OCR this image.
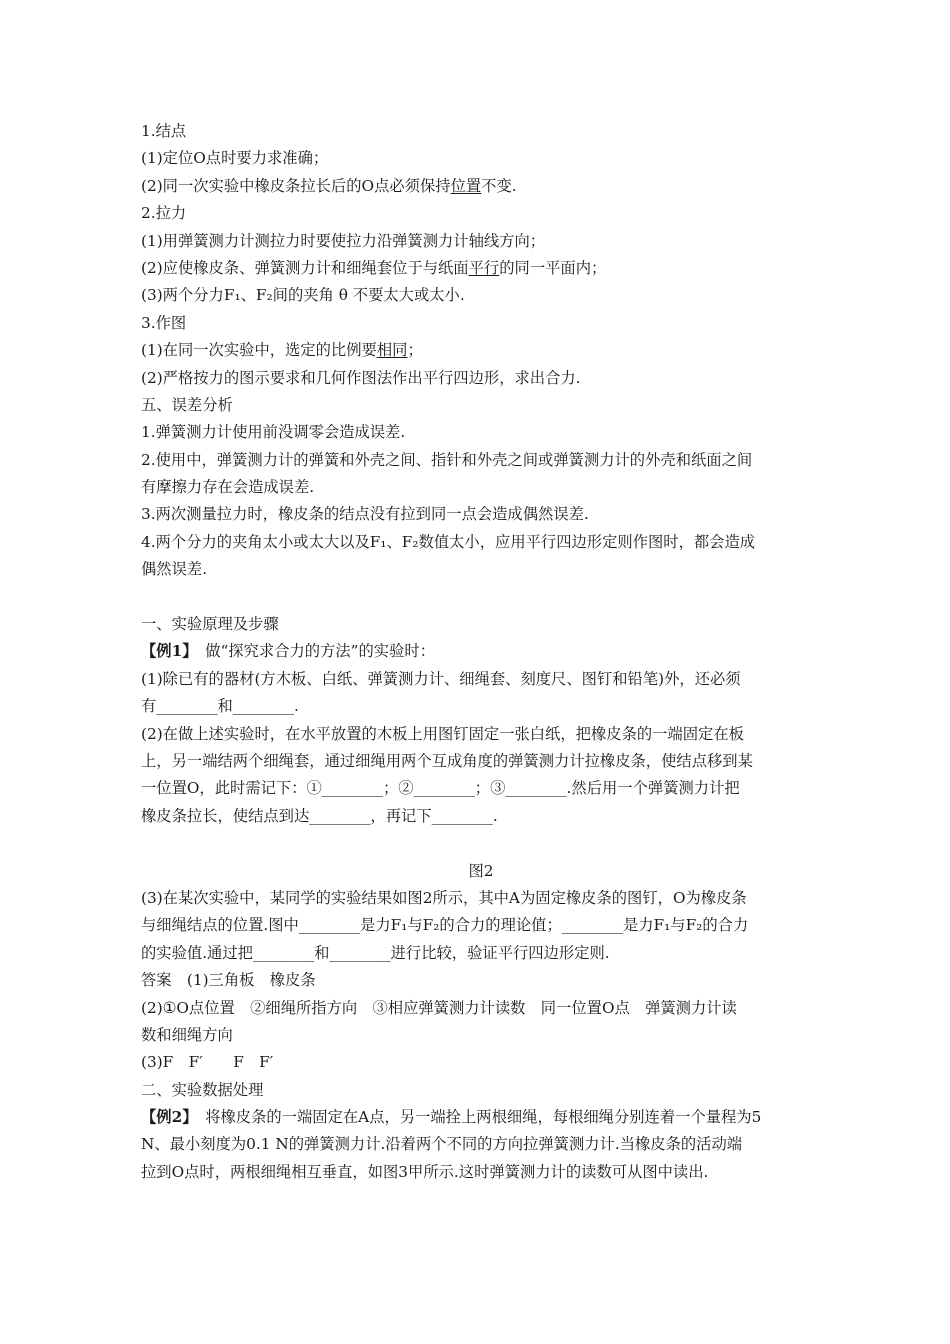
1.结点
(1)定位O点时要力求准确；
(2)同一次实验中橡皮条拉长后的O点必须保持位置不变.
2.拉力
(1)用弹簧测力计测拉力时要使拉力沿弹簧测力计轴线方向；
(2)应使橡皮条、弹簧测力计和细绳套位于与纸面平行的同一平面内；
(3)两个分力F₁、F₂间的夹角 θ 不要太大或太小.
3.作图
(1)在同一次实验中，选定的比例要相同；
(2)严格按力的图示要求和几何作图法作出平行四边形，求出合力.
五、误差分析
1.弹簧测力计使用前没调零会造成误差.
2.使用中，弹簧测力计的弹簧和外壳之间、指针和外壳之间或弹簧测力计的外壳和纸面之间
有摩擦力存在会造成误差.
3.两次测量拉力时，橡皮条的结点没有拉到同一点会造成偶然误差.
4.两个分力的夹角太小或太大以及F₁、F₂数值太小，应用平行四边形定则作图时，都会造成
偶然误差.
一、实验原理及步骤
【例1】　做“探究求合力的方法”的实验时：
(1)除已有的器材(方木板、白纸、弹簧测力计、细绳套、刻度尺、图钉和铅笔)外，还必须
有________和________.
(2)在做上述实验时，在水平放置的木板上用图钉固定一张白纸，把橡皮条的一端固定在板
上，另一端结两个细绳套，通过细绳用两个互成角度的弹簧测力计拉橡皮条，使结点移到某
一位置O，此时需记下：①________；②________；③________.然后用一个弹簧测力计把
橡皮条拉长，使结点到达________，再记下________.
图2
(3)在某次实验中，某同学的实验结果如图2所示，其中A为固定橡皮条的图钉，O为橡皮条
与细绳结点的位置.图中________是力F₁与F₂的合力的理论值；________是力F₁与F₂的合力
的实验值.通过把________和________进行比较，验证平行四边形定则.
答案　(1)三角板　橡皮条
(2)①O点位置　②细绳所指方向　③相应弹簧测力计读数　同一位置O点　弹簧测力计读
数和细绳方向
(3)F　F′　　F　F′
二、实验数据处理
【例2】　将橡皮条的一端固定在A点，另一端拴上两根细绳，每根细绳分别连着一个量程为5
N、最小刻度为0.1 N的弹簧测力计.沿着两个不同的方向拉弹簧测力计.当橡皮条的活动端
拉到O点时，两根细绳相互垂直，如图3甲所示.这时弹簧测力计的读数可从图中读出.
